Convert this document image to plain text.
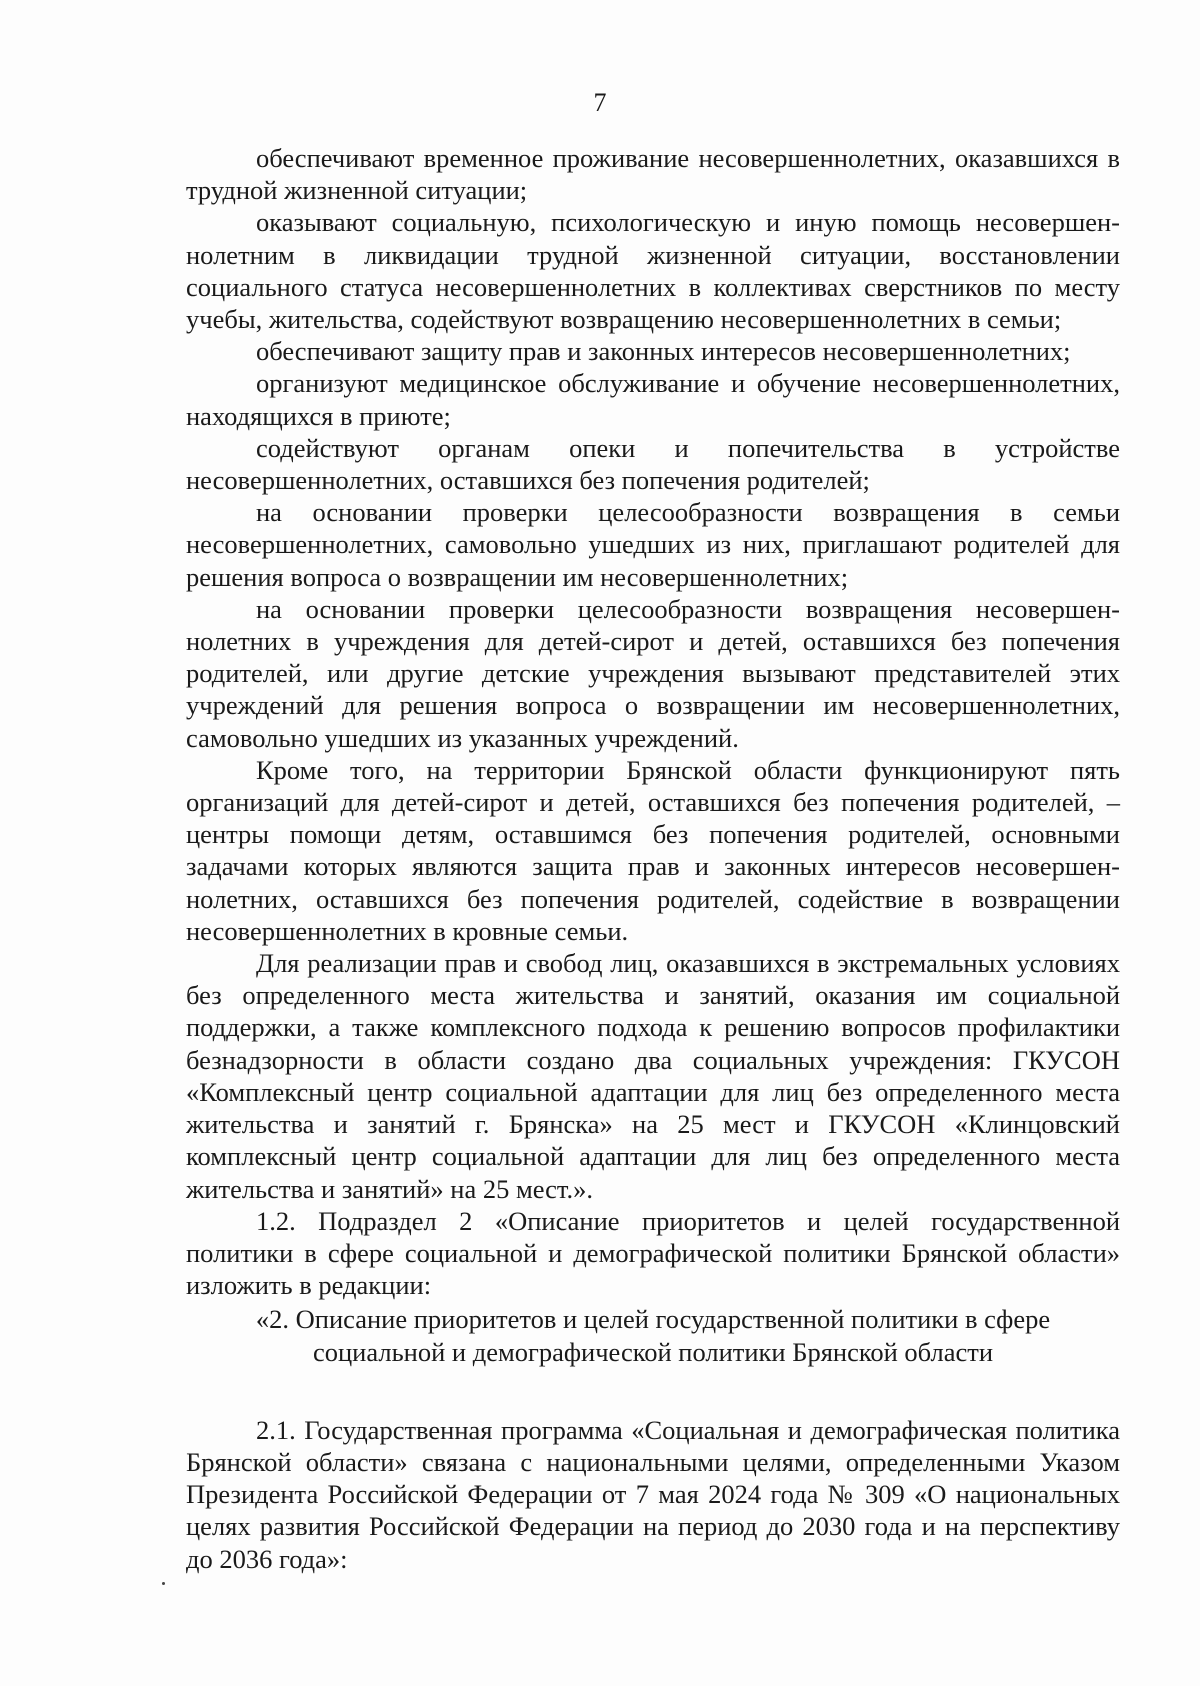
7

обеспечивают временное проживание несовершеннолетних, оказавшихся в трудной жизненной ситуации;

оказывают социальную, психологическую и иную помощь несовершеннолетним в ликвидации трудной жизненной ситуации, восстановлении социального статуса несовершеннолетних в коллективах сверстников по месту учебы, жительства, содействуют возвращению несовершеннолетних в семьи;

обеспечивают защиту прав и законных интересов несовершеннолетних;

организуют медицинское обслуживание и обучение несовершеннолетних, находящихся в приюте;

содействуют органам опеки и попечительства в устройстве несовершеннолетних, оставшихся без попечения родителей;

на основании проверки целесообразности возвращения в семьи несовершеннолетних, самовольно ушедших из них, приглашают родителей для решения вопроса о возвращении им несовершеннолетних;

на основании проверки целесообразности возвращения несовершеннолетних в учреждения для детей-сирот и детей, оставшихся без попечения родителей, или другие детские учреждения вызывают представителей этих учреждений для решения вопроса о возвращении им несовершеннолетних, самовольно ушедших из указанных учреждений.

Кроме того, на территории Брянской области функционируют пять организаций для детей-сирот и детей, оставшихся без попечения родителей, – центры помощи детям, оставшимся без попечения родителей, основными задачами которых являются защита прав и законных интересов несовершеннолетних, оставшихся без попечения родителей, содействие в возвращении несовершеннолетних в кровные семьи.

Для реализации прав и свобод лиц, оказавшихся в экстремальных условиях без определенного места жительства и занятий, оказания им социальной поддержки, а также комплексного подхода к решению вопросов профилактики безнадзорности в области создано два социальных учреждения: ГКУСОН «Комплексный центр социальной адаптации для лиц без определенного места жительства и занятий г. Брянска» на 25 мест и ГКУСОН «Клинцовский комплексный центр социальной адаптации для лиц без определенного места жительства и занятий» на 25 мест.».

1.2. Подраздел 2 «Описание приоритетов и целей государственной политики в сфере социальной и демографической политики Брянской области» изложить в редакции:

«2. Описание приоритетов и целей государственной политики в сфере
социальной и демографической политики Брянской области

2.1. Государственная программа «Социальная и демографическая политика Брянской области» связана с национальными целями, определенными Указом Президента Российской Федерации от 7 мая 2024 года № 309 «О национальных целях развития Российской Федерации на период до 2030 года и на перспективу до 2036 года»:
